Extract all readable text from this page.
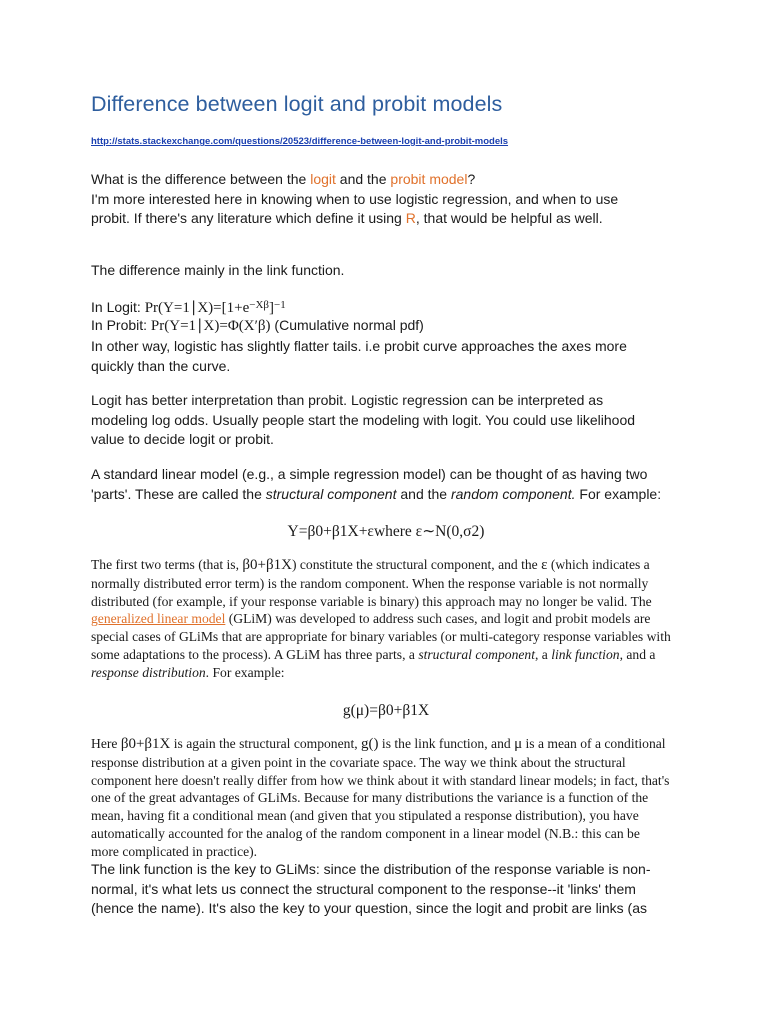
Difference between logit and probit models
http://stats.stackexchange.com/questions/20523/difference-between-logit-and-probit-models

What is the difference between the logit and the probit model?
I'm more interested here in knowing when to use logistic regression, and when to use
probit. If there's any literature which define it using R, that would be helpful as well.

The difference mainly in the link function.

In Logit: $Pr(Y=1∣X)=[1+e^{-X\beta}]^{-1}$

In Probit: Pr(Y=1∣X)=Φ(X′β) (Cumulative normal pdf)

In other way, logistic has slightly flatter tails. i.e probit curve approaches the axes more quickly than the curve.

Logit has better interpretation than probit. Logistic regression can be interpreted as modeling log odds. Usually people start the modeling with logit. You could use likelihood value to decide logit or probit.

A standard linear model (e.g., a simple regression model) can be thought of as having two 'parts'. These are called the structural component and the random component. For example:

Y=β0+β1X+εwhere ε∼N(0,σ2)

The first two terms (that is, β0+β1X) constitute the structural component, and the ε (which indicates a normally distributed error term) is the random component. When the response variable is not normally distributed (for example, if your response variable is binary) this approach may no longer be valid. The generalized linear model (GLiM) was developed to address such cases, and logit and probit models are special cases of GLiMs that are appropriate for binary variables (or multi-category response variables with some adaptations to the process). A GLiM has three parts, a structural component, a link function, and a response distribution. For example:

g(μ)=β0+β1X

Here β0+β1X is again the structural component, g() is the link function, and μ is a mean of a conditional response distribution at a given point in the covariate space. The way we think about the structural component here doesn't really differ from how we think about it with standard linear models; in fact, that's one of the great advantages of GLiMs. Because for many distributions the variance is a function of the mean, having fit a conditional mean (and given that you stipulated a response distribution), you have automatically accounted for the analog of the random component in a linear model (N.B.: this can be more complicated in practice).

The link function is the key to GLiMs: since the distribution of the response variable is non-normal, it's what lets us connect the structural component to the response--it 'links' them (hence the name). It's also the key to your question, since the logit and probit are links (as
